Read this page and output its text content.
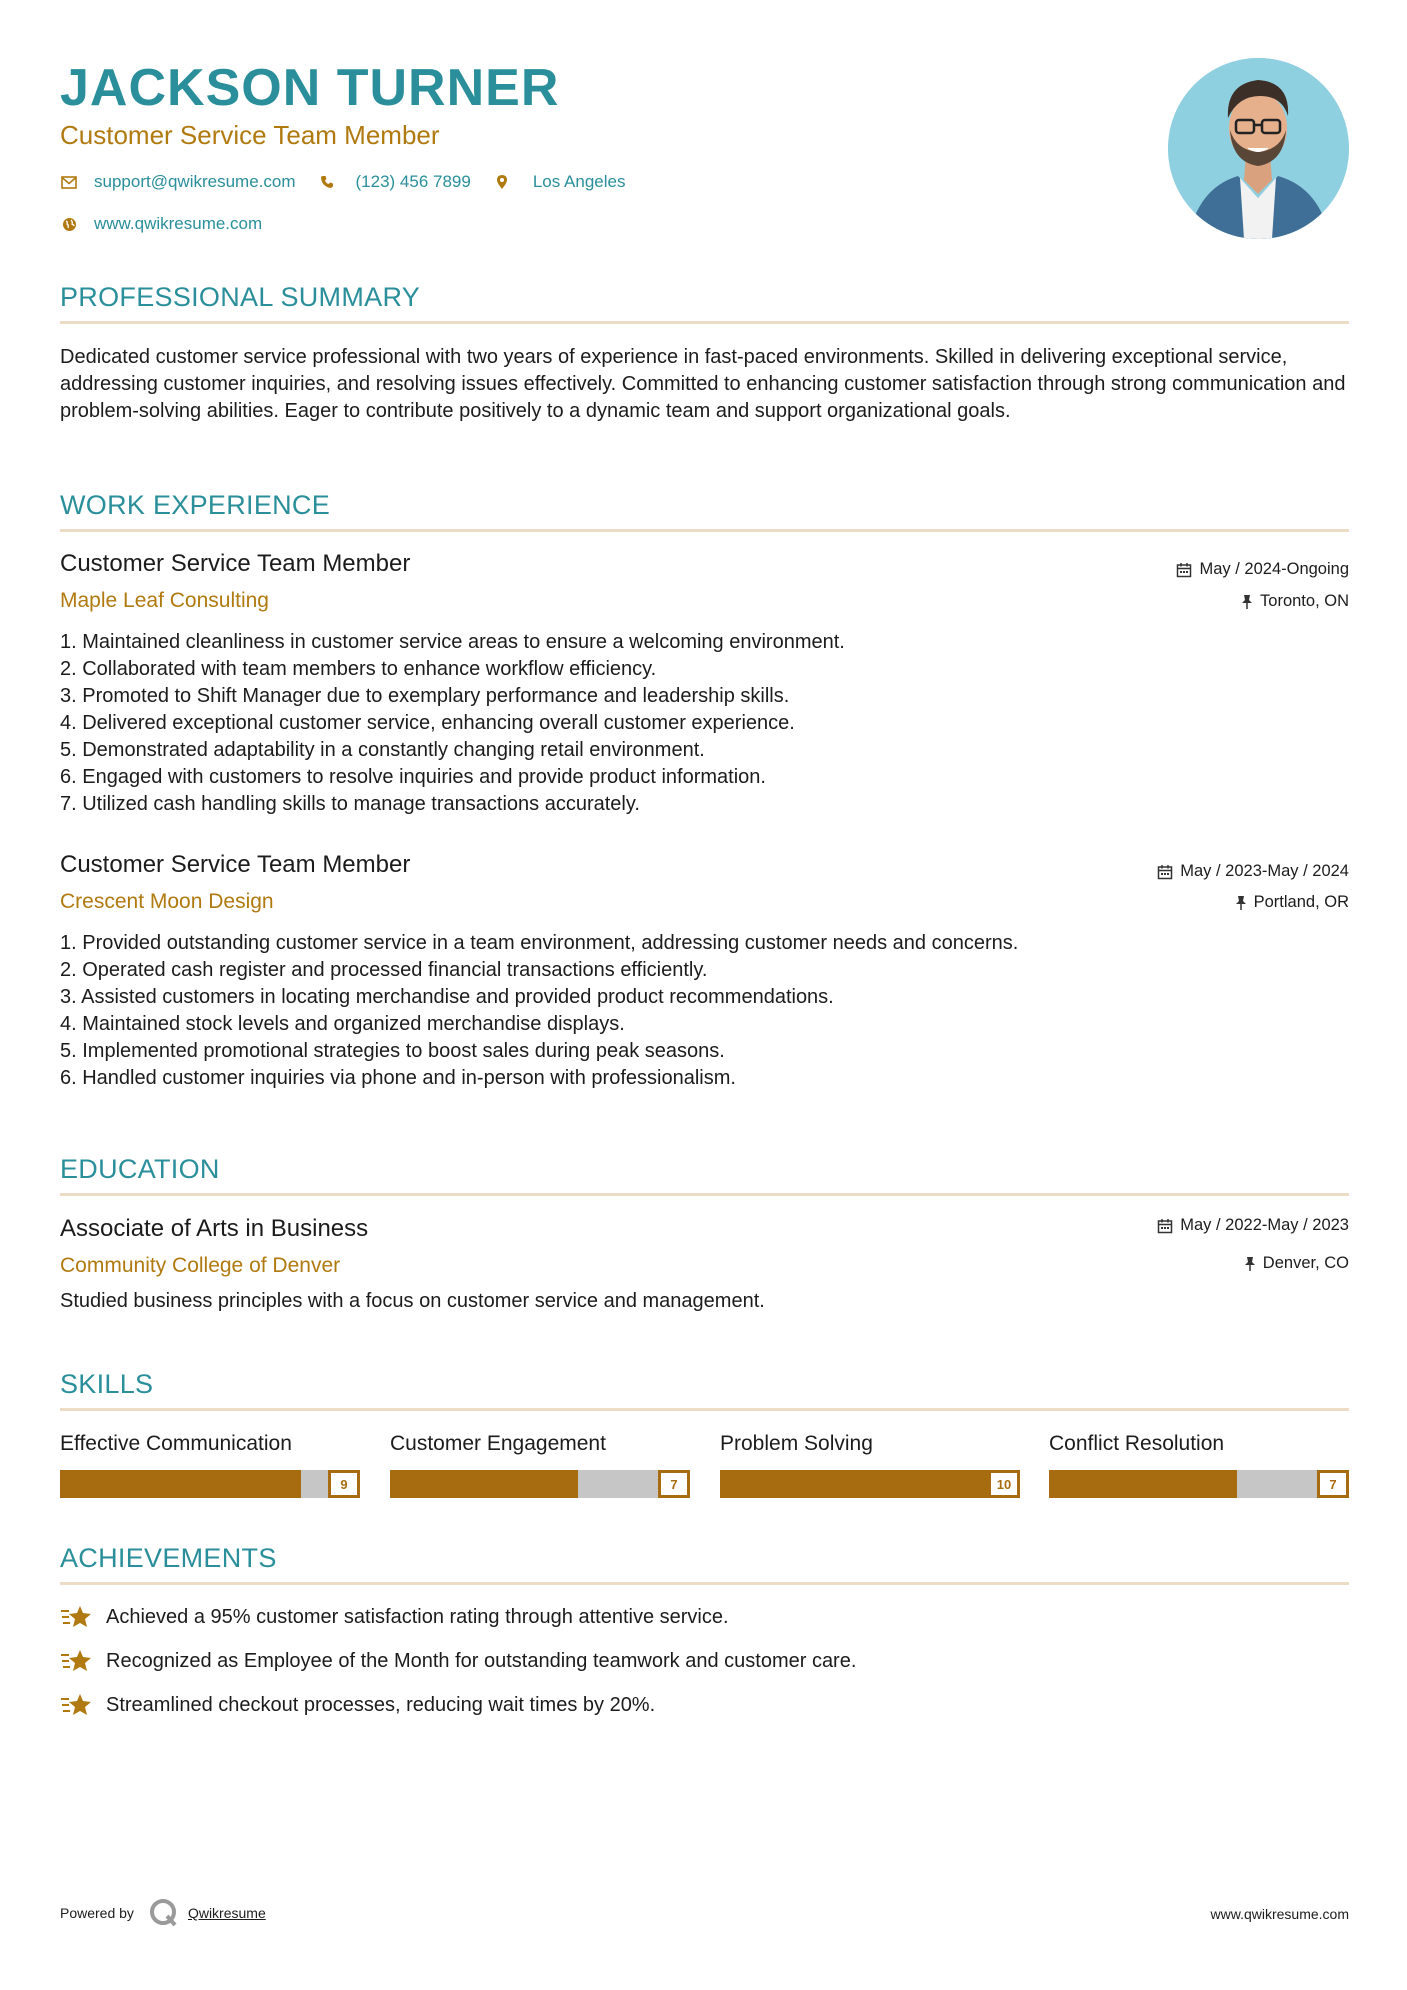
JACKSON TURNER
Customer Service Team Member
support@qwikresume.com	(123) 456 7899	Los Angeles
www.qwikresume.com
PROFESSIONAL SUMMARY
Dedicated customer service professional with two years of experience in fast-paced environments. Skilled in delivering exceptional service, addressing customer inquiries, and resolving issues effectively. Committed to enhancing customer satisfaction through strong communication and problem-solving abilities. Eager to contribute positively to a dynamic team and support organizational goals.
WORK EXPERIENCE
Customer Service Team Member
Maple Leaf Consulting
May / 2024-Ongoing
Toronto, ON
1. Maintained cleanliness in customer service areas to ensure a welcoming environment.
2. Collaborated with team members to enhance workflow efficiency.
3. Promoted to Shift Manager due to exemplary performance and leadership skills.
4. Delivered exceptional customer service, enhancing overall customer experience.
5. Demonstrated adaptability in a constantly changing retail environment.
6. Engaged with customers to resolve inquiries and provide product information.
7. Utilized cash handling skills to manage transactions accurately.
Customer Service Team Member
Crescent Moon Design
May / 2023-May / 2024
Portland, OR
1. Provided outstanding customer service in a team environment, addressing customer needs and concerns.
2. Operated cash register and processed financial transactions efficiently.
3. Assisted customers in locating merchandise and provided product recommendations.
4. Maintained stock levels and organized merchandise displays.
5. Implemented promotional strategies to boost sales during peak seasons.
6. Handled customer inquiries via phone and in-person with professionalism.
EDUCATION
Associate of Arts in Business
Community College of Denver
May / 2022-May / 2023
Denver, CO
Studied business principles with a focus on customer service and management.
SKILLS
Effective Communication
9
Customer Engagement
7
Problem Solving
10
Conflict Resolution
7
ACHIEVEMENTS
Achieved a 95% customer satisfaction rating through attentive service.
Recognized as Employee of the Month for outstanding teamwork and customer care.
Streamlined checkout processes, reducing wait times by 20%.
Powered by	Qwikresume	www.qwikresume.com
